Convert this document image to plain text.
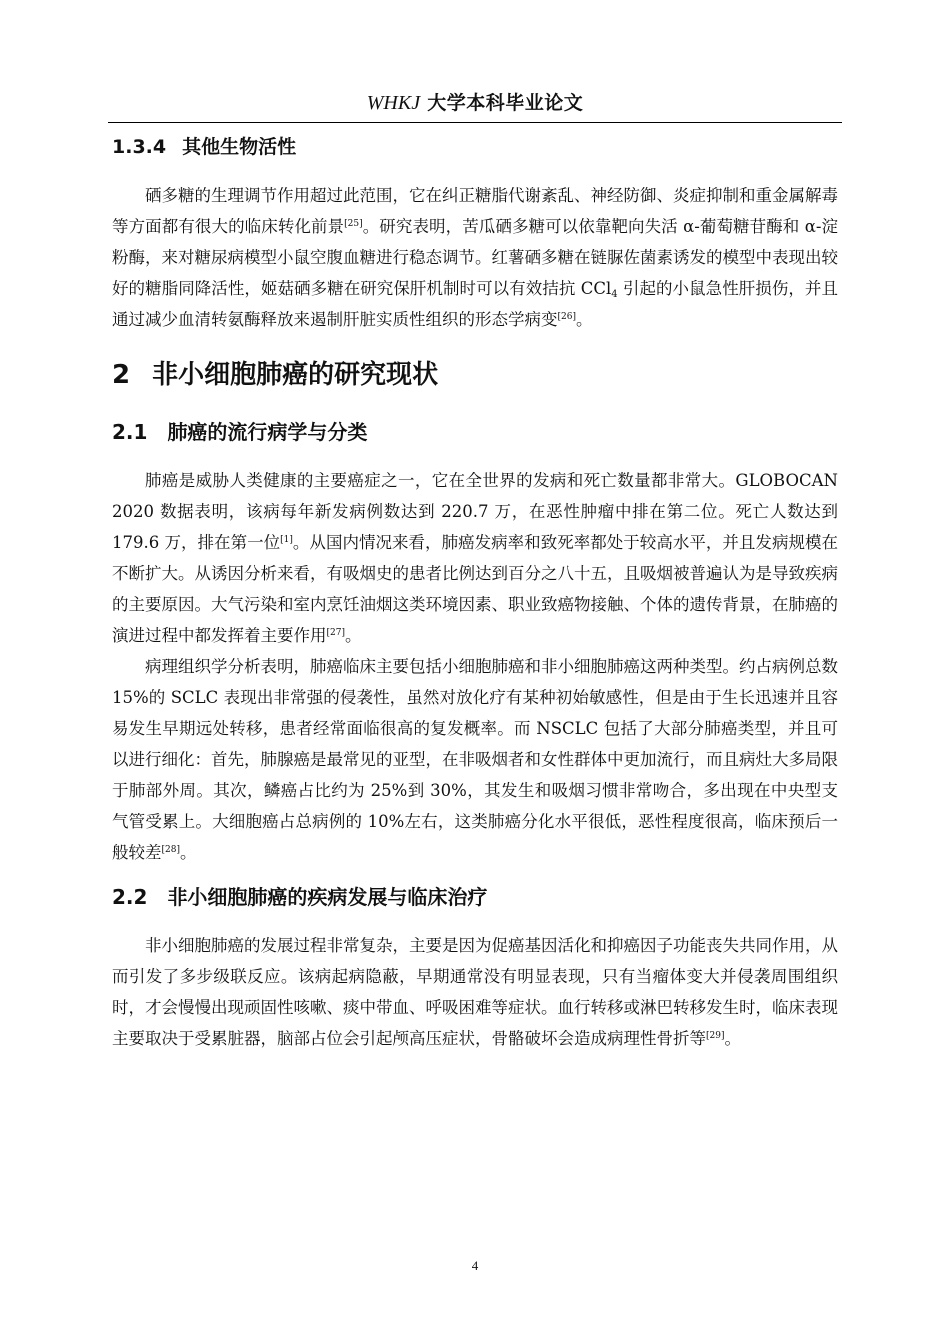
WHKJ 大学本科毕业论文
1.3.4 其他生物活性

硒多糖的生理调节作用超过此范围，它在纠正糖脂代谢紊乱、神经防御、炎症抑制和重金属解毒等方面都有很大的临床转化前景[25]。研究表明，苦瓜硒多糖可以依靠靶向失活 α-葡萄糖苷酶和 α-淀粉酶，来对糖尿病模型小鼠空腹血糖进行稳态调节。红薯硒多糖在链脲佐菌素诱发的模型中表现出较好的糖脂同降活性，姬菇硒多糖在研究保肝机制时可以有效拮抗 CCl$_4$ 引起的小鼠急性肝损伤，并且通过减少血清转氨酶释放来遏制肝脏实质性组织的形态学病变[26]。

2 非小细胞肺癌的研究现状
2.1 肺癌的流行病学与分类

肺癌是威胁人类健康的主要癌症之一，它在全世界的发病和死亡数量都非常大。GLOBOCAN 2020 数据表明，该病每年新发病例数达到 220.7 万，在恶性肿瘤中排在第二位。死亡人数达到 179.6 万，排在第一位[1]。从国内情况来看，肺癌发病率和致死率都处于较高水平，并且发病规模在不断扩大。从诱因分析来看，有吸烟史的患者比例达到百分之八十五，且吸烟被普遍认为是导致疾病的主要原因。大气污染和室内烹饪油烟这类环境因素、职业致癌物接触、个体的遗传背景，在肺癌的演进过程中都发挥着主要作用[27]。

病理组织学分析表明，肺癌临床主要包括小细胞肺癌和非小细胞肺癌这两种类型。约占病例总数 15%的 SCLC 表现出非常强的侵袭性，虽然对放化疗有某种初始敏感性，但是由于生长迅速并且容易发生早期远处转移，患者经常面临很高的复发概率。而 NSCLC 包括了大部分肺癌类型，并且可以进行细化：首先，肺腺癌是最常见的亚型，在非吸烟者和女性群体中更加流行，而且病灶大多局限于肺部外周。其次，鳞癌占比约为 25%到 30%，其发生和吸烟习惯非常吻合，多出现在中央型支气管受累上。大细胞癌占总病例的 10%左右，这类肺癌分化水平很低，恶性程度很高，临床预后一般较差[28]。

2.2 非小细胞肺癌的疾病发展与临床治疗

非小细胞肺癌的发展过程非常复杂，主要是因为促癌基因活化和抑癌因子功能丧失共同作用，从而引发了多步级联反应。该病起病隐蔽，早期通常没有明显表现，只有当瘤体变大并侵袭周围组织时，才会慢慢出现顽固性咳嗽、痰中带血、呼吸困难等症状。血行转移或淋巴转移发生时，临床表现主要取决于受累脏器，脑部占位会引起颅高压症状，骨骼破坏会造成病理性骨折等[29]。

4
